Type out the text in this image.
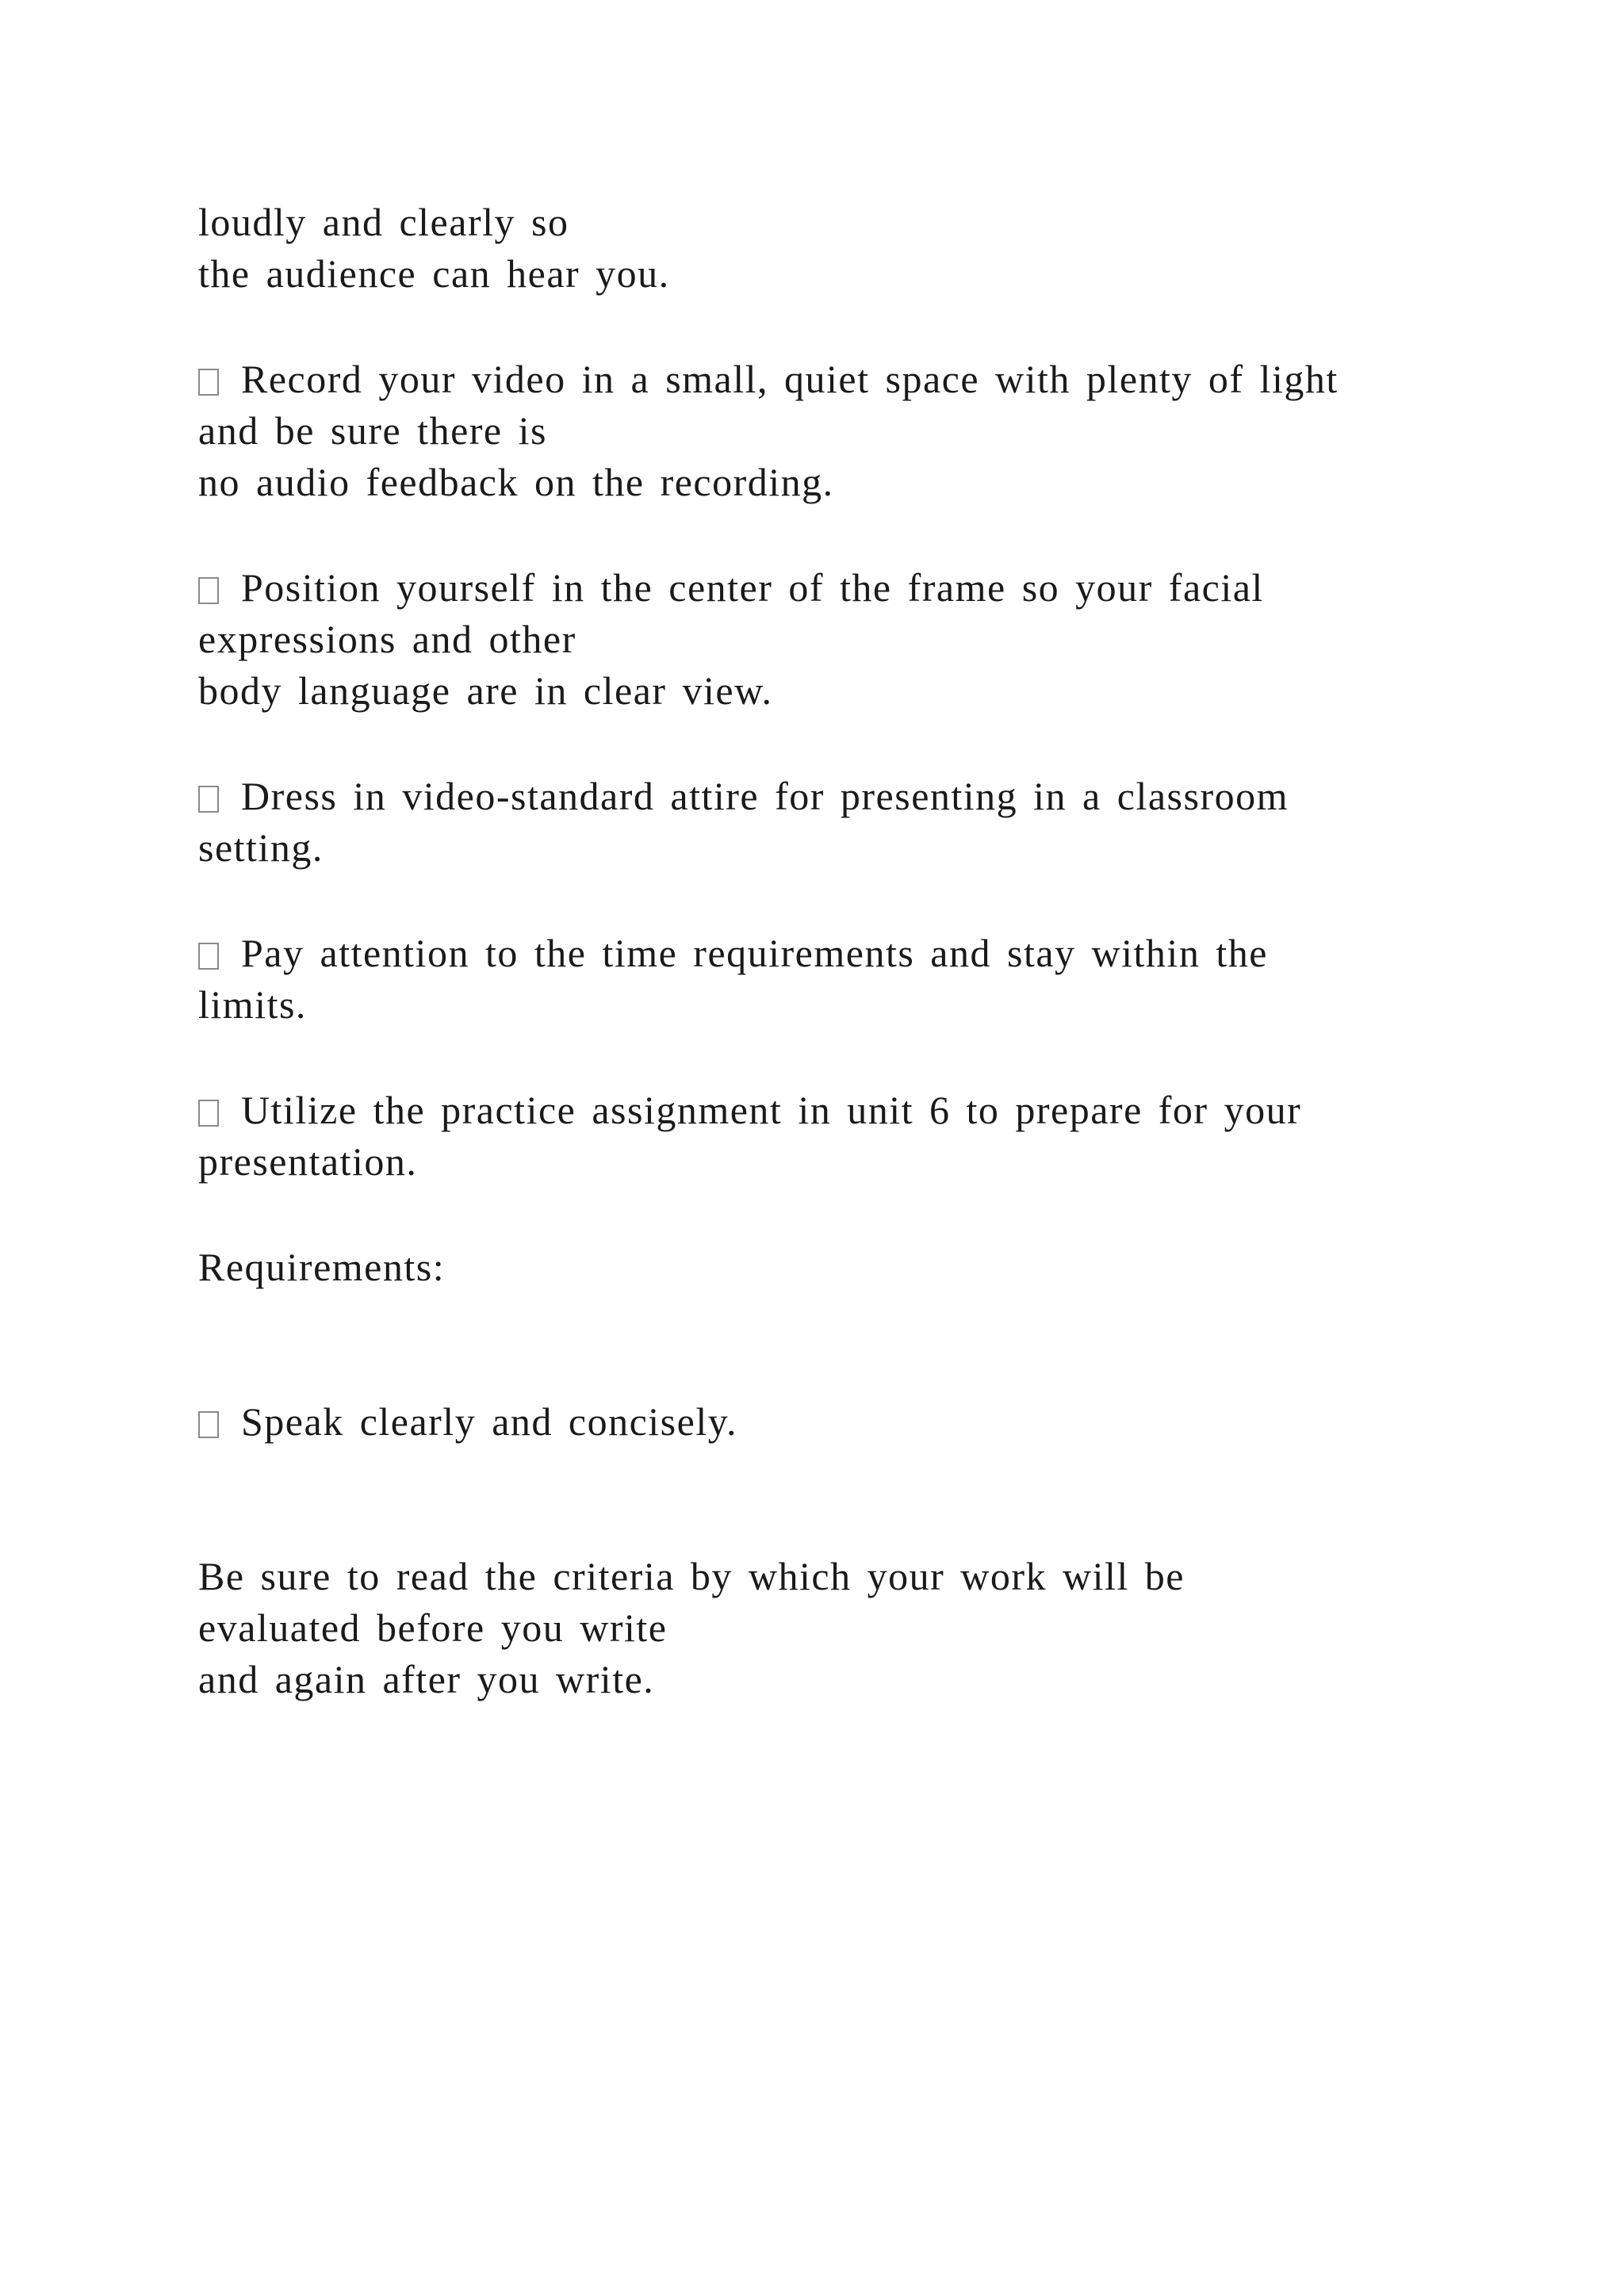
loudly and clearly so
the audience can hear you.
Record your video in a small, quiet space with plenty of light
and be sure there is
no audio feedback on the recording.
Position yourself in the center of the frame so your facial
expressions and other
body language are in clear view.
Dress in video-standard attire for presenting in a classroom
setting.
Pay attention to the time requirements and stay within the
limits.
Utilize the practice assignment in unit 6 to prepare for your
presentation.
Requirements:
Speak clearly and concisely.
Be sure to read the criteria by which your work will be
evaluated before you write
and again after you write.
